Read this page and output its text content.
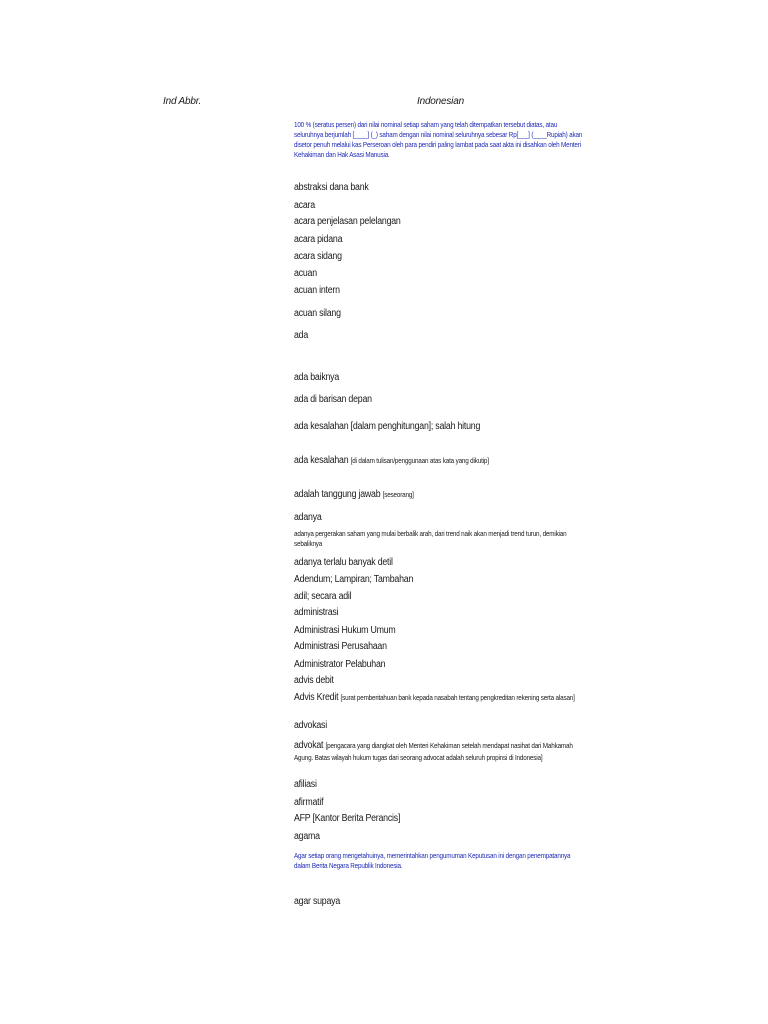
Ind Abbr.	Indonesian
100 % (seratus persen) dari nilai nominal setiap saham yang telah ditempatkan tersebut diatas, atau seluruhnya berjumlah [____] (_) saham dengan nilai nominal seluruhnya sebesar Rp[___] (____Rupiah) akan disetor penuh melalui kas Perseroan oleh para pendiri paling lambat pada saat akta ini disahkan oleh Menteri Kehakiman dan Hak Asasi Manusia.
abstraksi dana bank
acara
acara penjelasan pelelangan
acara pidana
acara sidang
acuan
acuan intern
acuan silang
ada
ada baiknya
ada di barisan depan
ada kesalahan [dalam penghitungan]; salah hitung
ada kesalahan [di dalam tulisan/penggunaan atas kata yang dikutip]
adalah tanggung jawab [seseorang]
adanya
adanya pergerakan saham yang mulai berbalik arah, dari trend naik akan menjadi trend turun, demikian sebaliknya
adanya terlalu banyak detil
Adendum; Lampiran; Tambahan
adil; secara adil
administrasi
Administrasi Hukum Umum
Administrasi Perusahaan
Administrator Pelabuhan
advis debit
Advis Kredit [surat pemberitahuan bank kepada nasabah tentang pengkreditan rekening serta alasan]
advokasi
advokat [pengacara yang diangkat oleh Menteri Kehakiman setelah mendapat nasihat dari Mahkamah Agung. Batas wilayah hukum tugas dari seorang advocat adalah seluruh propinsi di Indonesia]
afiliasi
afirmatif
AFP [Kantor Berita Perancis]
agama
Agar setiap orang mengetahuinya, memerintahkan pengumuman Keputusan ini dengan penempatannya dalam Berita Negara Republik Indonesia.
agar supaya
